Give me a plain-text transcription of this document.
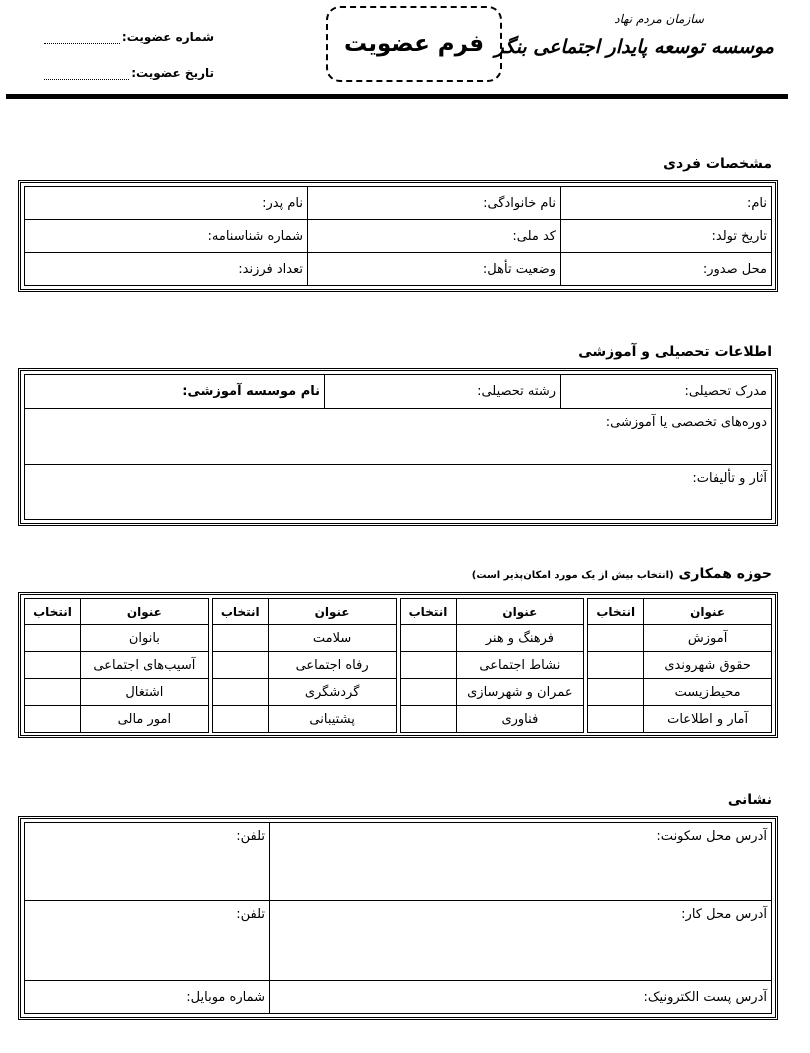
سازمان مردم نهاد
موسسه توسعه پایدار اجتماعی بنگر
فرم عضویت
شماره عضویت:
تاریخ عضویت:
مشخصات فردی
نام:	نام خانوادگی:	نام پدر:
تاریخ تولد:	کد ملی:	شماره شناسنامه:
محل صدور:	وضعیت تأهل:	تعداد فرزند:
اطلاعات تحصیلی و آموزشی
مدرک تحصیلی:	رشته تحصیلی:	نام موسسه آموزشی:
دوره‌های تخصصی یا آموزشی:
آثار و تألیفات:
حوزه همکاری (انتخاب بیش از یک مورد امکان‌پذیر است)
عنوان	انتخاب
آموزش	
حقوق شهروندی	
محیط‌زیست	
آمار و اطلاعات	
عنوان	انتخاب
فرهنگ و هنر	
نشاط اجتماعی	
عمران و شهرسازی	
فناوری	
عنوان	انتخاب
سلامت	
رفاه اجتماعی	
گردشگری	
پشتیبانی	
عنوان	انتخاب
بانوان	
آسیب‌های اجتماعی	
اشتغال	
امور مالی	
نشانی
آدرس محل سکونت:	تلفن:
آدرس محل کار:	تلفن:
آدرس پست الکترونیک:	شماره موبایل:
